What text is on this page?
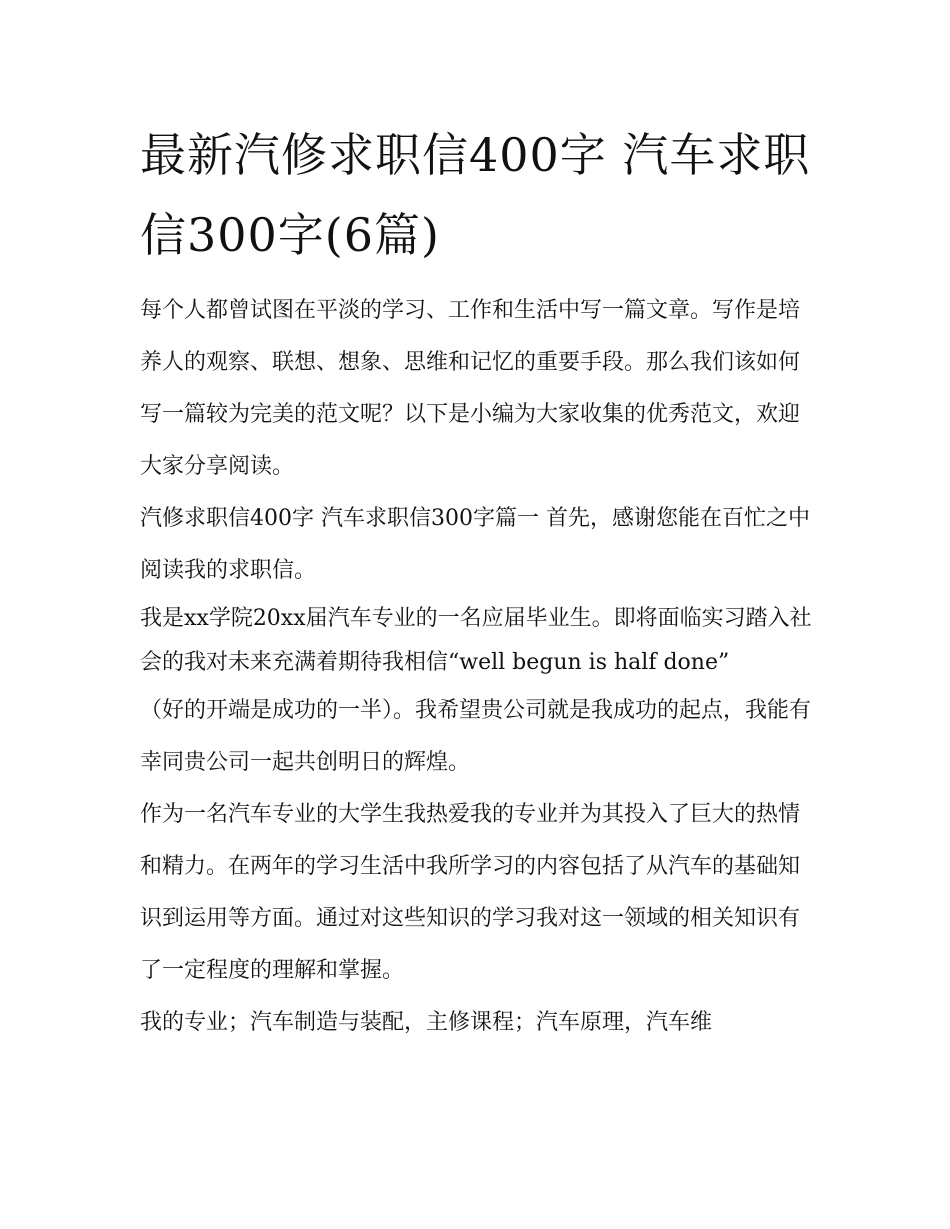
最新汽修求职信400字 汽车求职信300字(6篇)

每个人都曾试图在平淡的学习、工作和生活中写一篇文章。写作是培养人的观察、联想、想象、思维和记忆的重要手段。那么我们该如何写一篇较为完美的范文呢？以下是小编为大家收集的优秀范文，欢迎大家分享阅读。

汽修求职信400字 汽车求职信300字篇一 首先，感谢您能在百忙之中阅读我的求职信。

我是xx学院20xx届汽车专业的一名应届毕业生。即将面临实习踏入社会的我对未来充满着期待我相信“well begun is half done”

（好的开端是成功的一半）。我希望贵公司就是我成功的起点，我能有幸同贵公司一起共创明日的辉煌。

作为一名汽车专业的大学生我热爱我的专业并为其投入了巨大的热情和精力。在两年的学习生活中我所学习的内容包括了从汽车的基础知识到运用等方面。通过对这些知识的学习我对这一领域的相关知识有了一定程度的理解和掌握。

我的专业；汽车制造与装配，主修课程；汽车原理，汽车维
